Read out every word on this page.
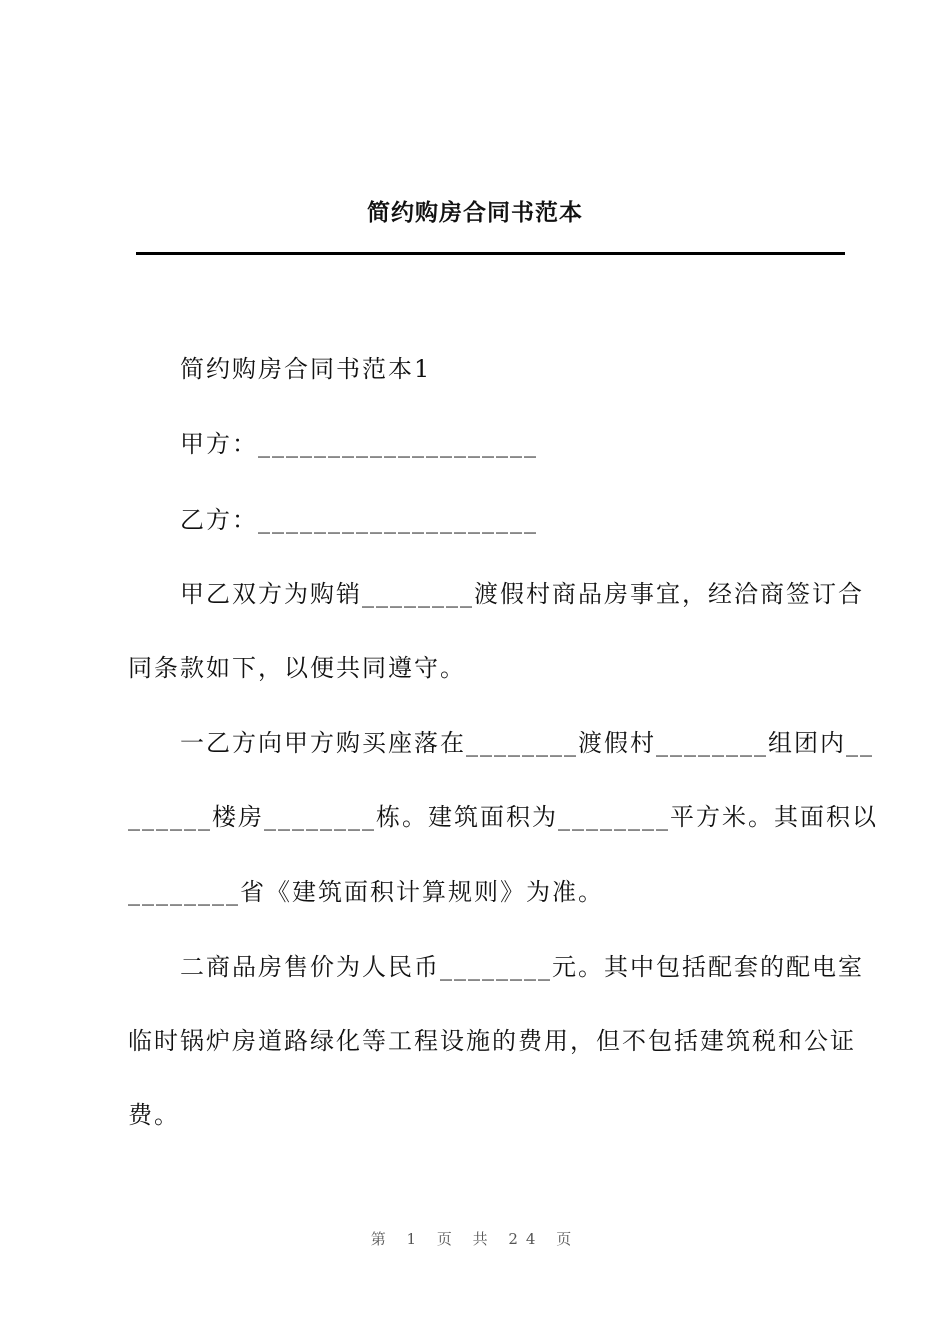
简约购房合同书范本
简约购房合同书范本1
甲方：____________________
乙方：____________________
甲乙双方为购销________渡假村商品房事宜，经洽商签订合
同条款如下，以便共同遵守。
一乙方向甲方购买座落在________渡假村________组团内__
______楼房________栋。建筑面积为________平方米。其面积以
________省《建筑面积计算规则》为准。
二商品房售价为人民币________元。其中包括配套的配电室
临时锅炉房道路绿化等工程设施的费用，但不包括建筑税和公证
费。
第 1 页 共 24 页
